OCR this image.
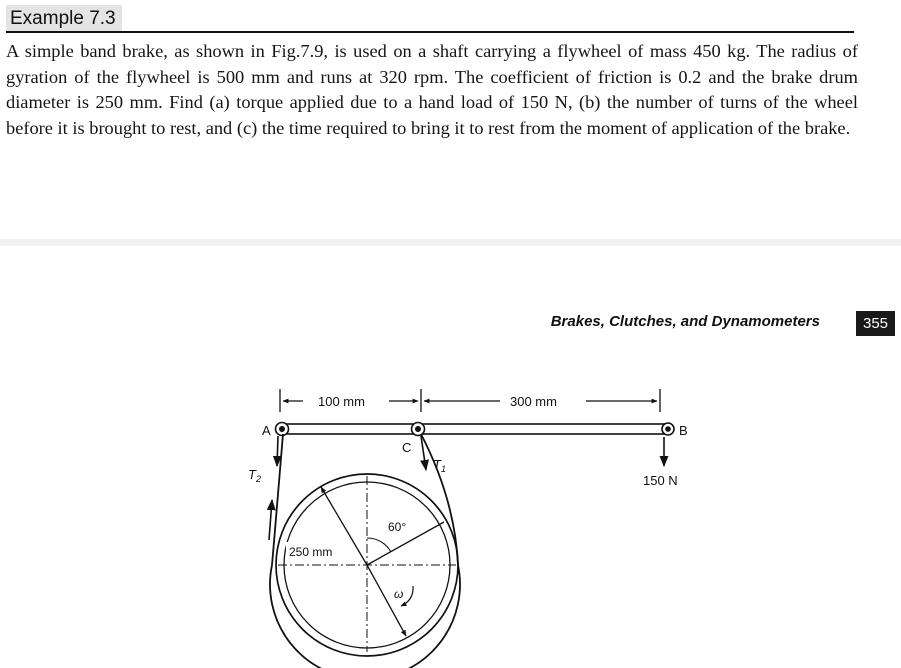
Example 7.3

A simple band brake, as shown in Fig.7.9, is used on a shaft carrying a flywheel of mass 450 kg. The radius of gyration of the flywheel is 500 mm and runs at 320 rpm. The coefficient of friction is 0.2 and the brake drum diameter is 250 mm. Find (a) torque applied due to a hand load of 150 N, (b) the number of turns of the wheel before it is brought to rest, and (c) the time required to bring it to rest from the moment of application of the brake.

Brakes, Clutches, and Dynamometers	355
100 mm	300 mm
A
C
B
150 N
$T_2$
$T_1$
60°
250 mm
ω
